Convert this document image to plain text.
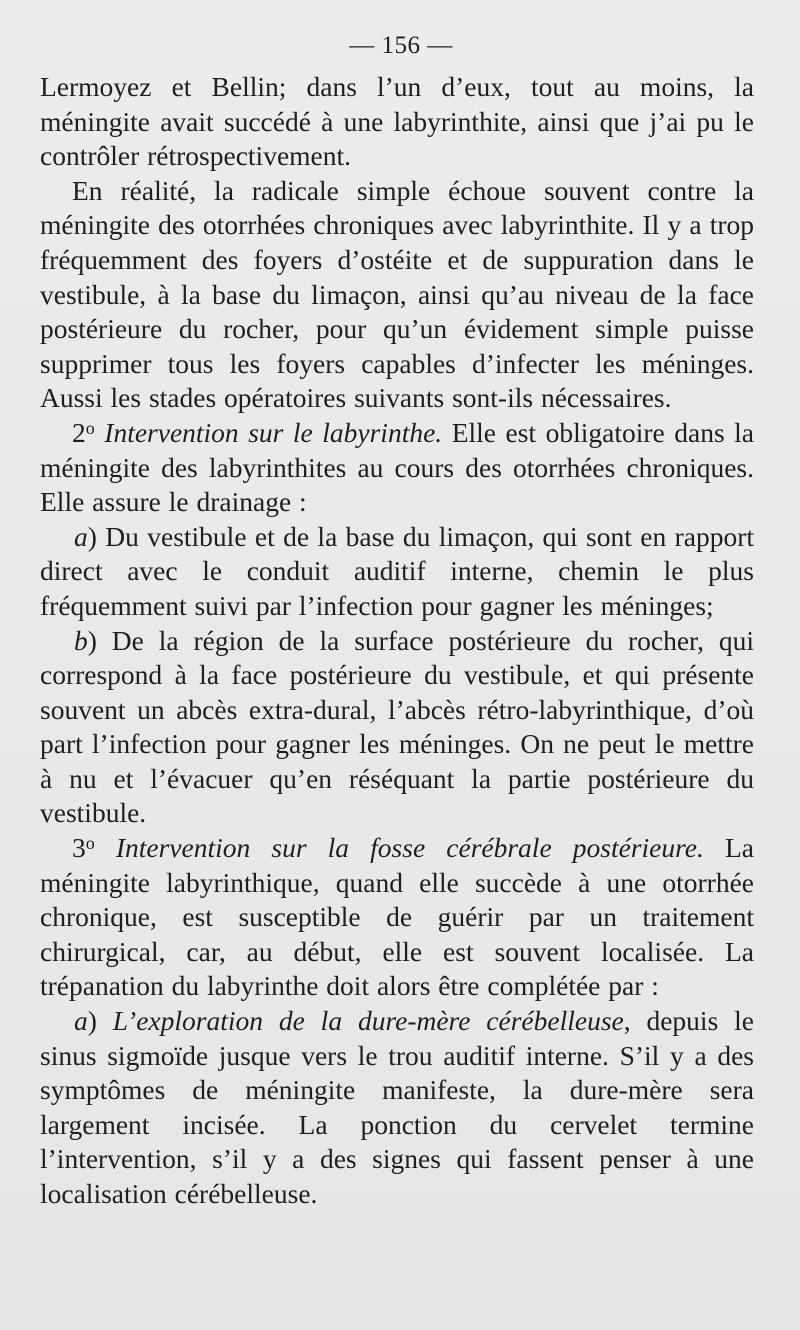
— 156 —

Lermoyez et Bellin; dans l’un d’eux, tout au moins, la méningite avait succédé à une labyrinthite, ainsi que j’ai pu le contrôler rétrospectivement.

En réalité, la radicale simple échoue souvent contre la méningite des otorrhées chroniques avec labyrinthite. Il y a trop fréquemment des foyers d’ostéite et de suppuration dans le vestibule, à la base du limaçon, ainsi qu’au niveau de la face postérieure du rocher, pour qu’un évidement simple puisse supprimer tous les foyers capables d’infecter les méninges. Aussi les stades opératoires suivants sont-ils nécessaires.

2$^o$ Intervention sur le labyrinthe. Elle est obligatoire dans la méningite des labyrinthites au cours des otorrhées chroniques. Elle assure le drainage :

a) Du vestibule et de la base du limaçon, qui sont en rapport direct avec le conduit auditif interne, chemin le plus fréquemment suivi par l’infection pour gagner les méninges;

b) De la région de la surface postérieure du rocher, qui correspond à la face postérieure du vestibule, et qui présente souvent un abcès extra-dural, l’abcès rétro-labyrinthique, d’où part l’infection pour gagner les méninges. On ne peut le mettre à nu et l’évacuer qu’en réséquant la partie postérieure du vestibule.

3$^o$ Intervention sur la fosse cérébrale postérieure. La méningite labyrinthique, quand elle succède à une otorrhée chronique, est susceptible de guérir par un traitement chirurgical, car, au début, elle est souvent localisée. La trépanation du labyrinthe doit alors être complétée par :

a) L’exploration de la dure-mère cérébelleuse, depuis le sinus sigmoïde jusque vers le trou auditif interne. S’il y a des symptômes de méningite manifeste, la dure-mère sera largement incisée. La ponction du cervelet termine l’intervention, s’il y a des signes qui fassent penser à une localisation cérébelleuse.
